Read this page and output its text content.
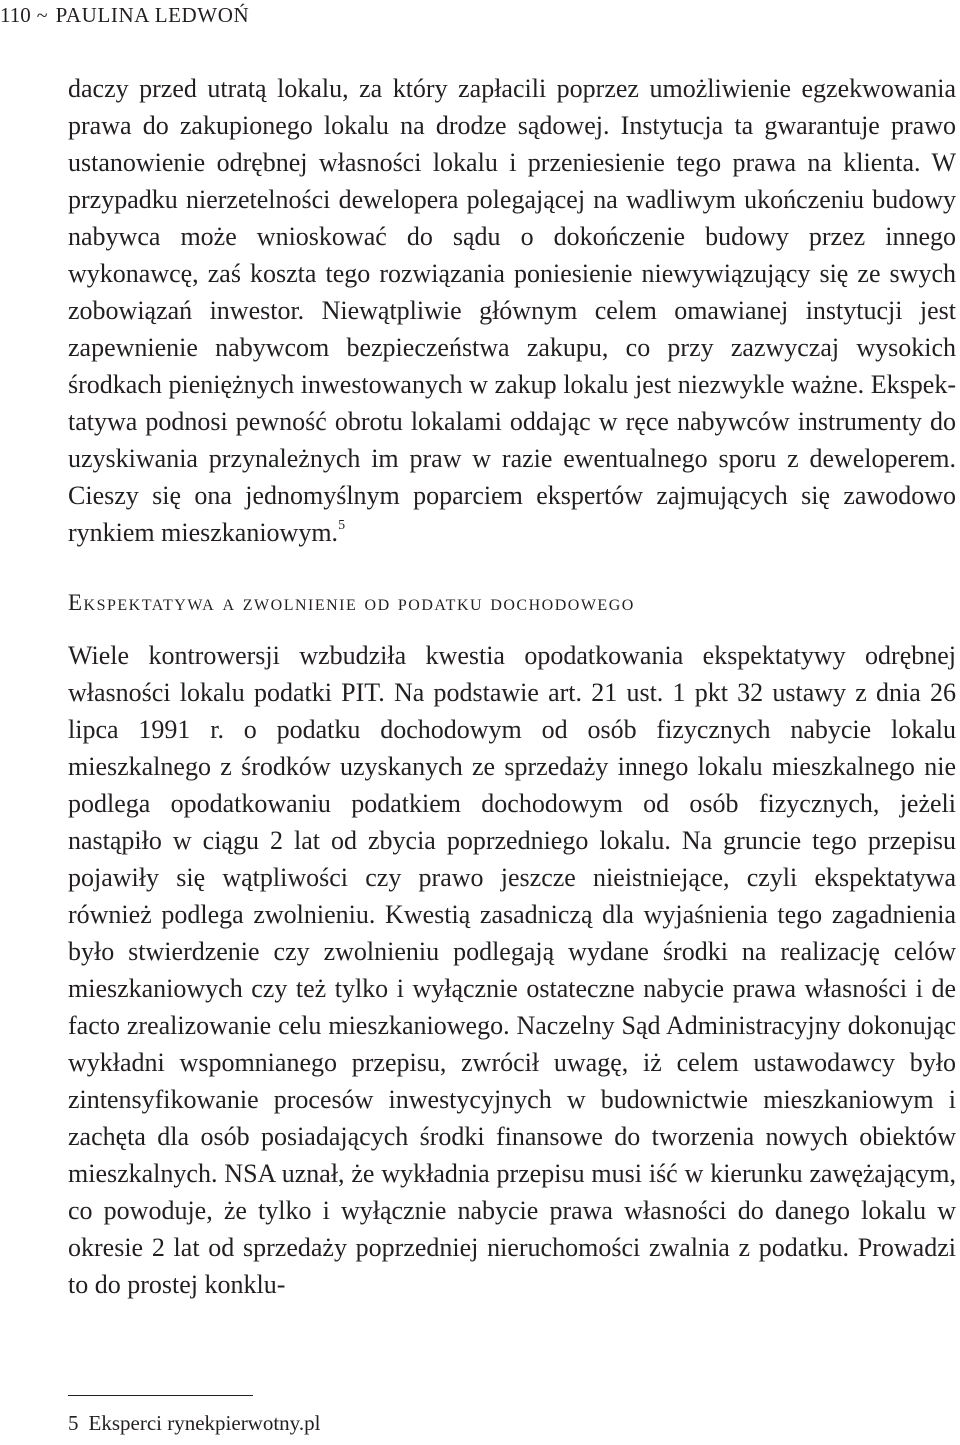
110 ~ PAULINA LEDWOŃ

daczy przed utratą lokalu, za który zapłacili poprzez umożliwienie egzekwowania prawa do zakupionego lokalu na drodze sądowej. Instytucja ta gwarantuje prawo ustanowienie odrębnej własności lokalu i przeniesienie tego prawa na klienta. W przypadku nierzetelności dewelopera polegającej na wadliwym ukończeniu budowy nabywca może wnioskować do sądu o dokończenie budowy przez innego wykonawcę, zaś koszta tego rozwiązania poniesienie niewywiązujący się ze swych zobowiązań inwestor. Niewątpliwie głównym celem omawianej instytucji jest zapewnienie nabywcom bezpieczeństwa zakupu, co przy zazwyczaj wysokich środkach pieniężnych inwestowanych w zakup lokalu jest niezwykle ważne. Ekspektatywa podnosi pewność obrotu lokalami oddając w ręce nabywców instrumenty do uzyskiwania przynależnych im praw w razie ewentualnego sporu z deweloperem. Cieszy się ona jednomyślnym poparciem ekspertów zajmujących się zawodowo rynkiem mieszkaniowym.$^5$

Ekspektatywa a zwolnienie od podatku dochodowego

Wiele kontrowersji wzbudziła kwestia opodatkowania ekspektatywy odrębnej własności lokalu podatki PIT. Na podstawie art. 21 ust. 1 pkt 32 ustawy z dnia 26 lipca 1991 r. o podatku dochodowym od osób fizycznych nabycie lokalu mieszkalnego z środków uzyskanych ze sprzedaży innego lokalu mieszkalnego nie podlega opodatkowaniu podatkiem dochodowym od osób fizycznych, jeżeli nastąpiło w ciągu 2 lat od zbycia poprzedniego lokalu. Na gruncie tego przepisu pojawiły się wątpliwości czy prawo jeszcze nieistniejące, czyli ekspektatywa również podlega zwolnieniu. Kwestią zasadniczą dla wyjaśnienia tego zagadnienia było stwierdzenie czy zwolnieniu podlegają wydane środki na realizację celów mieszkaniowych czy też tylko i wyłącznie ostateczne nabycie prawa własności i de facto zrealizowanie celu mieszkaniowego. Naczelny Sąd Administracyjny dokonując wykładni wspomnianego przepisu, zwrócił uwagę, iż celem ustawodawcy było zintensyfikowanie procesów inwestycyjnych w budownictwie mieszkaniowym i zachęta dla osób posiadających środki finansowe do tworzenia nowych obiektów mieszkalnych. NSA uznał, że wykładnia przepisu musi iść w kierunku zawężającym, co powoduje, że tylko i wyłącznie nabycie prawa własności do danego lokalu w okresie 2 lat od sprzedaży poprzedniej nieruchomości zwalnia z podatku. Prowadzi to do prostej konklu-

5 Eksperci rynekpierwotny.pl
